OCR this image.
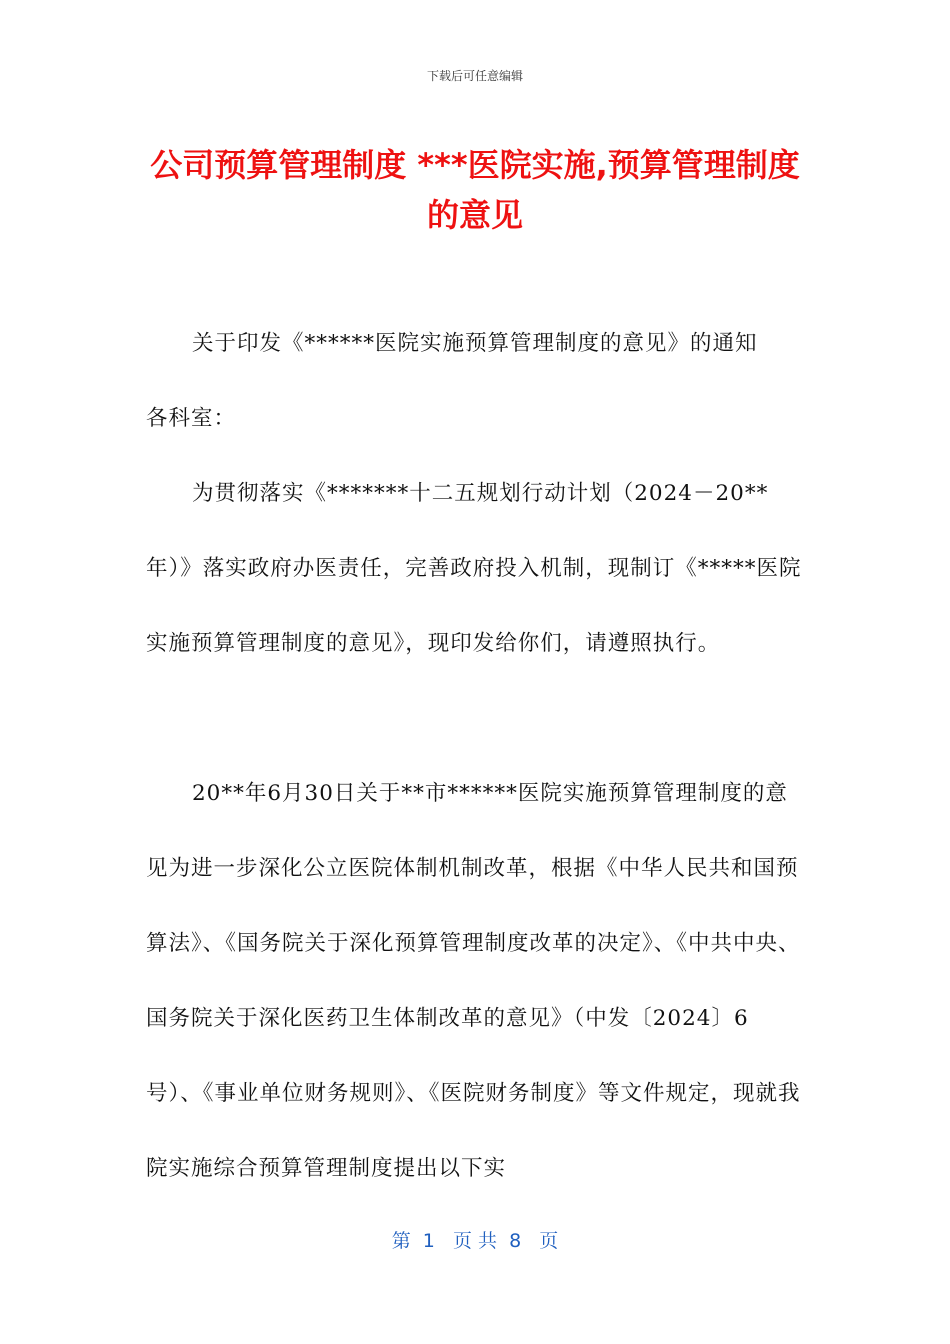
下载后可任意编辑
公司预算管理制度 ***医院实施,预算管理制度的意见

关于印发《******医院实施预算管理制度的意见》的通知

各科室：

为贯彻落实《*******十二五规划行动计划（2024－20**年）》落实政府办医责任，完善政府投入机制，现制订《*****医院实施预算管理制度的意见》，现印发给你们，请遵照执行。

20**年6月30日关于**市******医院实施预算管理制度的意见为进一步深化公立医院体制机制改革，根据《中华人民共和国预算法》、《国务院关于深化预算管理制度改革的决定》、《中共中央、国务院关于深化医药卫生体制改革的意见》（中发〔2024〕6号）、《事业单位财务规则》、《医院财务制度》等文件规定，现就我院实施综合预算管理制度提出以下实

第  1   页 共  8   页
